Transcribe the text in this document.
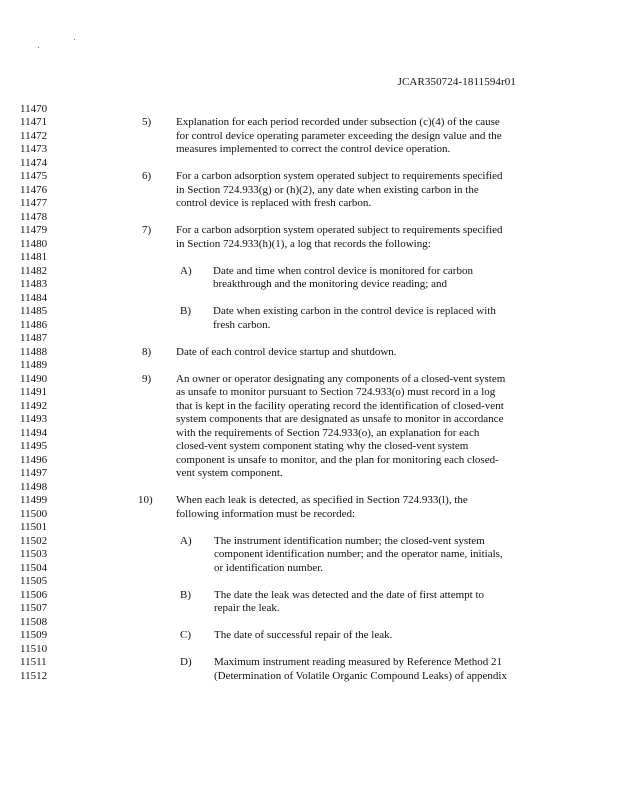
JCAR350724-1811594r01
11470
11471
11472
11473
11474
11475
11476
11477
11478
11479
11480
11481
11482
11483
11484
11485
11486
11487
11488
11489
11490
11491
11492
11493
11494
11495
11496
11497
11498
11499
11500
11501
11502
11503
11504
11505
11506
11507
11508
11509
11510
11511
11512
5) Explanation for each period recorded under subsection (c)(4) of the cause
for control device operating parameter exceeding the design value and the
measures implemented to correct the control device operation.
6) For a carbon adsorption system operated subject to requirements specified
in Section 724.933(g) or (h)(2), any date when existing carbon in the
control device is replaced with fresh carbon.
7) For a carbon adsorption system operated subject to requirements specified
in Section 724.933(h)(1), a log that records the following:
A) Date and time when control device is monitored for carbon
breakthrough and the monitoring device reading; and
B) Date when existing carbon in the control device is replaced with
fresh carbon.
8) Date of each control device startup and shutdown.
9) An owner or operator designating any components of a closed-vent system
as unsafe to monitor pursuant to Section 724.933(o) must record in a log
that is kept in the facility operating record the identification of closed-vent
system components that are designated as unsafe to monitor in accordance
with the requirements of Section 724.933(o), an explanation for each
closed-vent system component stating why the closed-vent system
component is unsafe to monitor, and the plan for monitoring each closed-
vent system component.
10) When each leak is detected, as specified in Section 724.933(l), the
following information must be recorded:
A) The instrument identification number; the closed-vent system
component identification number; and the operator name, initials,
or identification number.
B) The date the leak was detected and the date of first attempt to
repair the leak.
C) The date of successful repair of the leak.
D) Maximum instrument reading measured by Reference Method 21
(Determination of Volatile Organic Compound Leaks) of appendix
